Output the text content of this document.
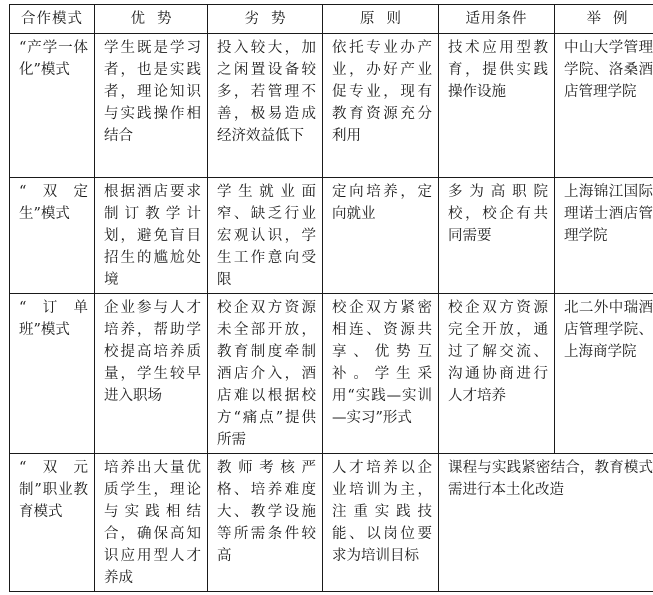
合作模式	优势	劣势	原则	适用条件	举例
“产学一体化”模式	学生既是学习者，也是实践者，理论知识与实践操作相结合	投入较大，加之闲置设备较多，若管理不善，极易造成经济效益低下	依托专业办产业，办好产业促专业，现有教育资源充分利用	技术应用型教育，提供实践操作设施	中山大学管理学院、洛桑酒店管理学院
“双定生”模式	根据酒店要求制订教学计划，避免盲目招生的尴尬处境	学生就业面窄、缺乏行业宏观认识，学生工作意向受限	定向培养，定向就业	多为高职院校，校企有共同需要	上海锦江国际理诺士酒店管理学院
“订单班”模式	企业参与人才培养，帮助学校提高培养质量，学生较早进入职场	校企双方资源未全部开放，教育制度牵制酒店介入，酒店难以根据校方“痛点”提供所需	校企双方紧密相连、资源共享、优势互补。学生采用“实践—实训—实习”形式	校企双方资源完全开放，通过了解交流、沟通协商进行人才培养	北二外中瑞酒店管理学院、上海商学院
“双元制”职业教育模式	培养出大量优质学生，理论与实践相结合，确保高知识应用型人才养成	教师考核严格、培养难度大、教学设施等所需条件较高	人才培养以企业培训为主，注重实践技能、以岗位要求为培训目标	课程与实践紧密结合，教育模式需进行本土化改造	
